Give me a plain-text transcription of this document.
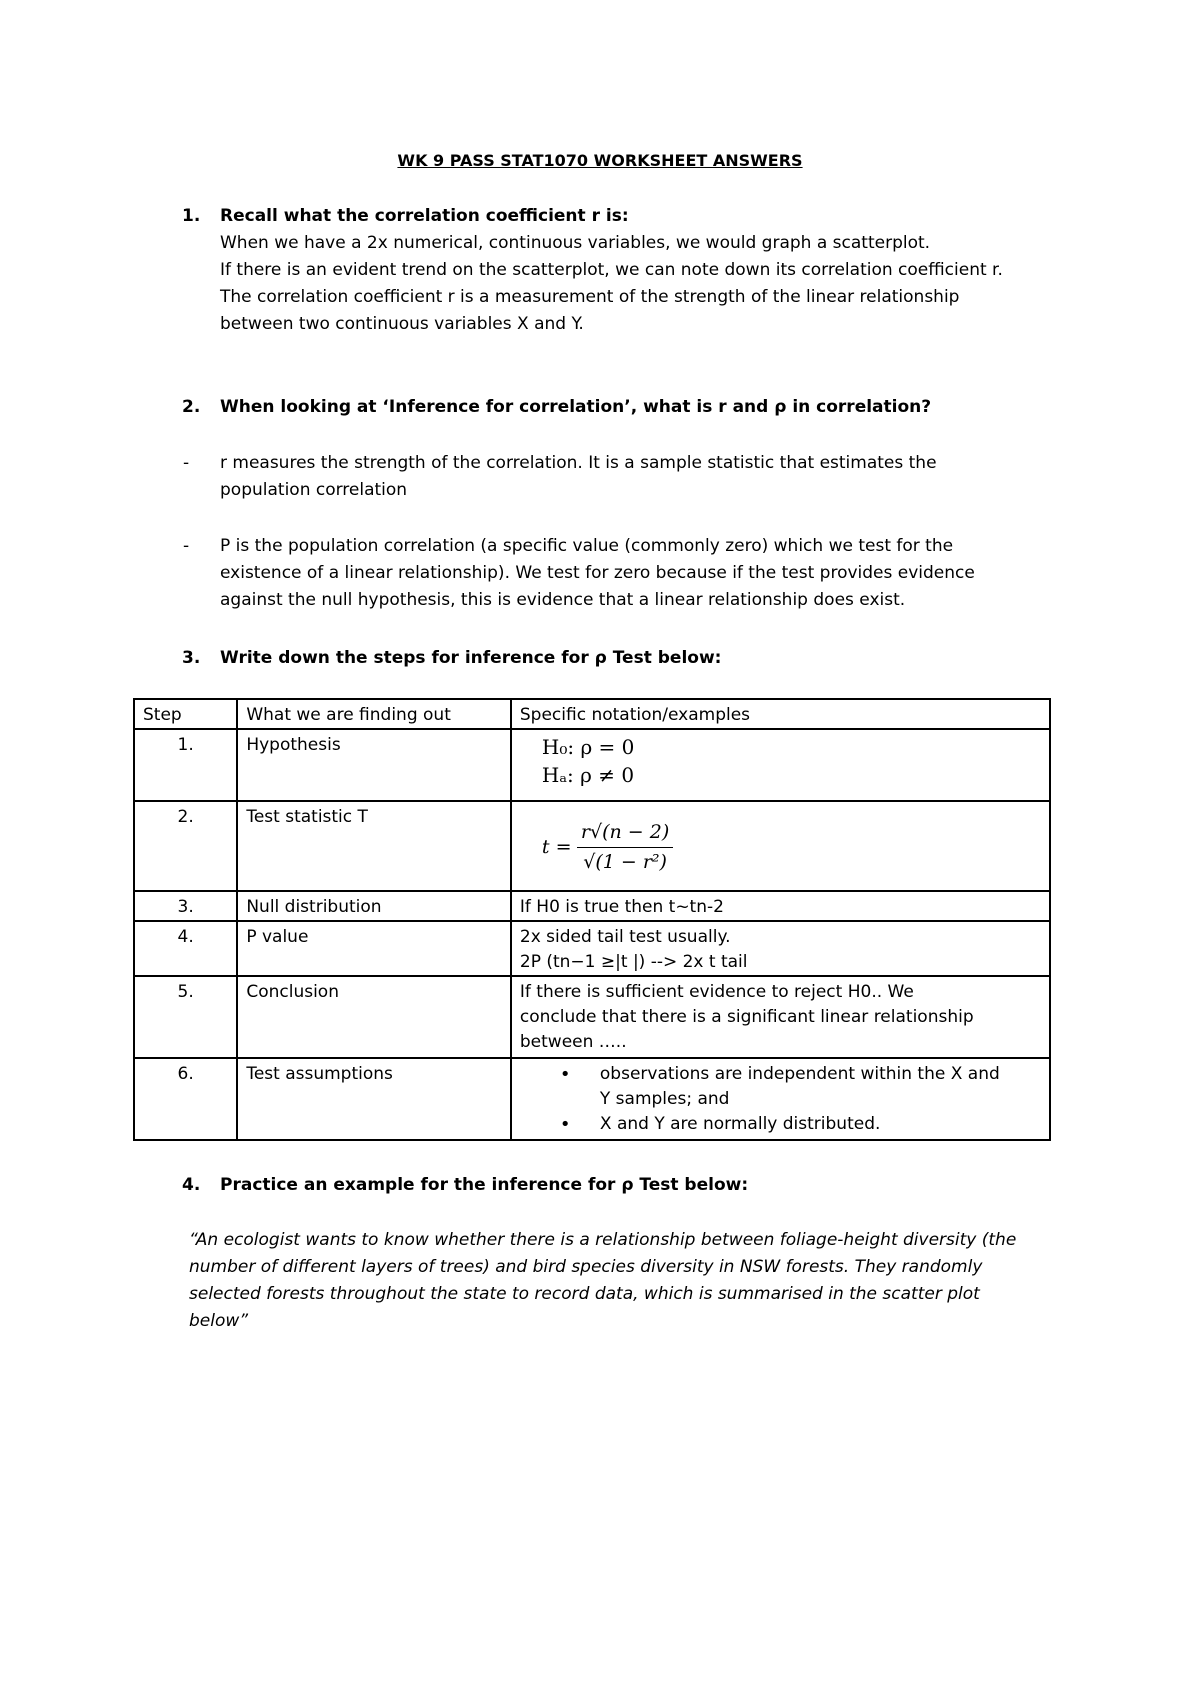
WK 9 PASS STAT1070 WORKSHEET ANSWERS
1. Recall what the correlation coefficient r is:
When we have a 2x numerical, continuous variables, we would graph a scatterplot.
If there is an evident trend on the scatterplot, we can note down its correlation coefficient r.
The correlation coefficient r is a measurement of the strength of the linear relationship
between two continuous variables X and Y.
2. When looking at ‘Inference for correlation’, what is r and ρ in correlation?
- r measures the strength of the correlation. It is a sample statistic that estimates the
population correlation
- P is the population correlation (a specific value (commonly zero) which we test for the
existence of a linear relationship). We test for zero because if the test provides evidence
against the null hypothesis, this is evidence that a linear relationship does exist.
3. Write down the steps for inference for ρ Test below:
Step	What we are finding out	Specific notation/examples
1.	Hypothesis	H₀: ρ = 0
Hₐ: ρ ≠ 0

2.	Test statistic T	$t = \frac{r√(n - 2)}{\text{√(1 − r²)}}$

3.	Null distribution	If H0 is true then t~tn-2
4.	P value	2x sided tail test usually.
2P (tn−1 ≥|t |) --> 2x t tail

5.	Conclusion	If there is sufficient evidence to reject H0.. We
conclude that there is a significant linear relationship
between …..

6.	Test assumptions	• observations are independent within the X and
Y samples; and
• X and Y are normally distributed.
4. Practice an example for the inference for ρ Test below:
“An ecologist wants to know whether there is a relationship between foliage-height diversity (the
number of different layers of trees) and bird species diversity in NSW forests. They randomly
selected forests throughout the state to record data, which is summarised in the scatter plot
below”
